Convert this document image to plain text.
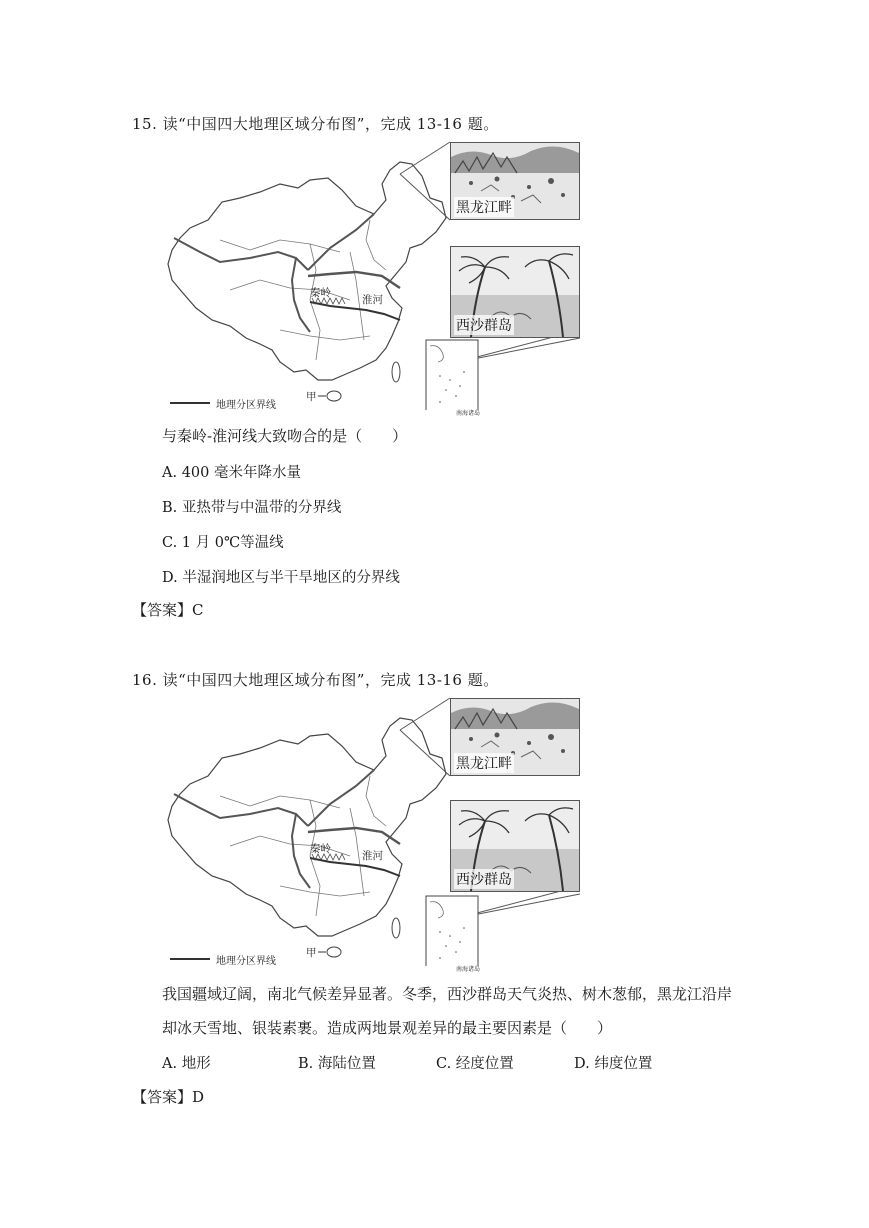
15. 读“中国四大地理区域分布图”，完成 13-16 题。
黑龙江畔
西沙群岛
秦岭
淮河
甲
地理分区界线
南海诸岛
与秦岭-淮河线大致吻合的是（　　）
A. 400 毫米年降水量
B. 亚热带与中温带的分界线
C. 1 月 0℃等温线
D. 半湿润地区与半干旱地区的分界线
【答案】C
16. 读“中国四大地理区域分布图”，完成 13-16 题。
黑龙江畔
西沙群岛
秦岭
淮河
甲
地理分区界线
南海诸岛
我国疆域辽阔，南北气候差异显著。冬季，西沙群岛天气炎热、树木葱郁，黑龙江沿岸
却冰天雪地、银装素裹。造成两地景观差异的最主要因素是（　　）
A. 地形	B. 海陆位置	C. 经度位置	D. 纬度位置
【答案】D
